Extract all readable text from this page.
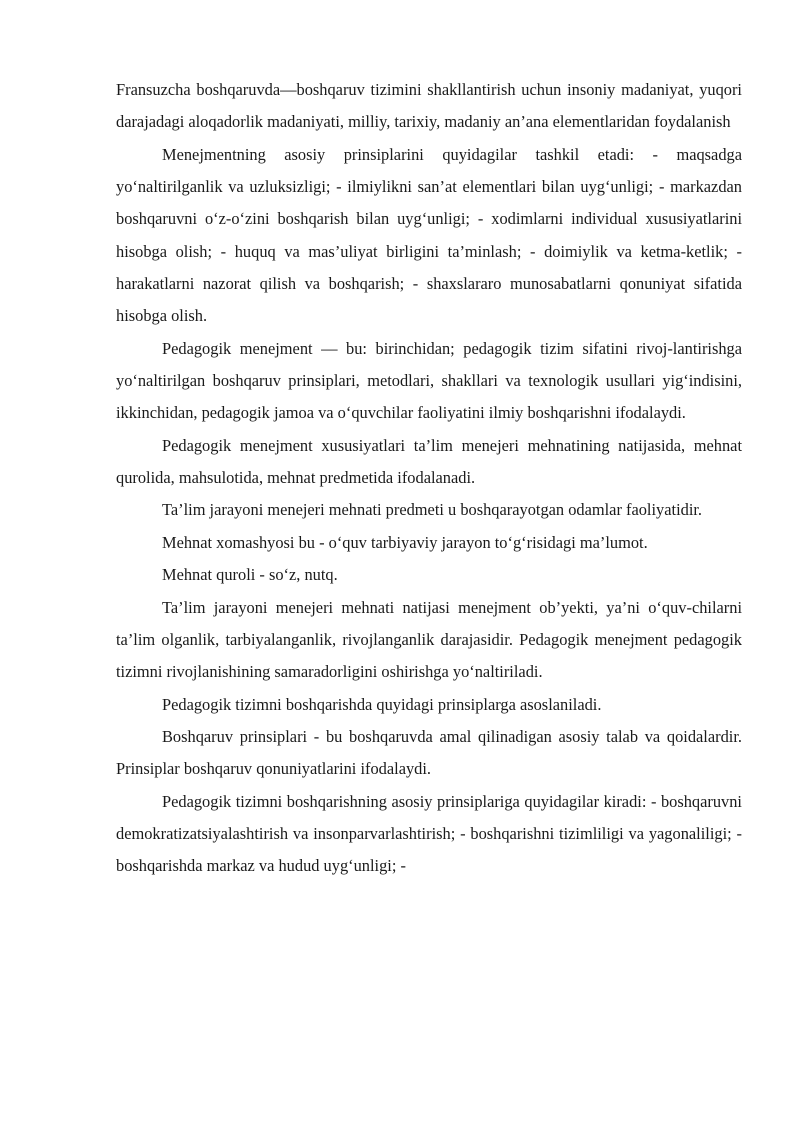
Fransuzcha boshqaruvda—boshqaruv tizimini shakllantirish uchun insoniy madaniyat, yuqori darajadagi aloqadorlik madaniyati, milliy, tarixiy, madaniy an’ana elementlaridan foydalanish

Menejmentning asosiy prinsiplarini quyidagilar tashkil etadi: - maqsadga yo‘naltirilganlik va uzluksizligi; - ilmiylikni san’at elementlari bilan uyg‘unligi; - markazdan boshqaruvni o‘z-o‘zini boshqarish bilan uyg‘unligi; - xodimlarni individual xususiyatlarini hisobga olish; - huquq va mas’uliyat birligini ta’minlash; - doimiylik va ketma-ketlik; - harakatlarni nazorat qilish va boshqarish; - shaxslararo munosabatlarni qonuniyat sifatida hisobga olish.

Pedagogik menejment — bu: birinchidan; pedagogik tizim sifatini rivoj-lantirishga yo‘naltirilgan boshqaruv prinsiplari, metodlari, shakllari va texnologik usullari yig‘indisini, ikkinchidan, pedagogik jamoa va o‘quvchilar faoliyatini ilmiy boshqarishni ifodalaydi.

Pedagogik menejment xususiyatlari ta’lim menejeri mehnatining natijasida, mehnat qurolida, mahsulotida, mehnat predmetida ifodalanadi.

Ta’lim jarayoni menejeri mehnati predmeti u boshqarayotgan odamlar faoliyatidir.

Mehnat xomashyosi bu - o‘quv tarbiyaviy jarayon to‘g‘risidagi ma’lumot.

Mehnat quroli - so‘z, nutq.

Ta’lim jarayoni menejeri mehnati natijasi menejment ob’yekti, ya’ni o‘quv-chilarni ta’lim olganlik, tarbiyalanganlik, rivojlanganlik darajasidir. Pedagogik menejment pedagogik tizimni rivojlanishining samaradorligini oshirishga yo‘naltiriladi.

Pedagogik tizimni boshqarishda quyidagi prinsiplarga asoslaniladi.

Boshqaruv prinsiplari - bu boshqaruvda amal qilinadigan asosiy talab va qoidalardir. Prinsiplar boshqaruv qonuniyatlarini ifodalaydi.

Pedagogik tizimni boshqarishning asosiy prinsiplariga quyidagilar kiradi: - boshqaruvni demokratizatsiyalashtirish va insonparvarlashtirish; - boshqarishni tizimliligi va yagonaliligi; - boshqarishda markaz va hudud uyg‘unligi; -
